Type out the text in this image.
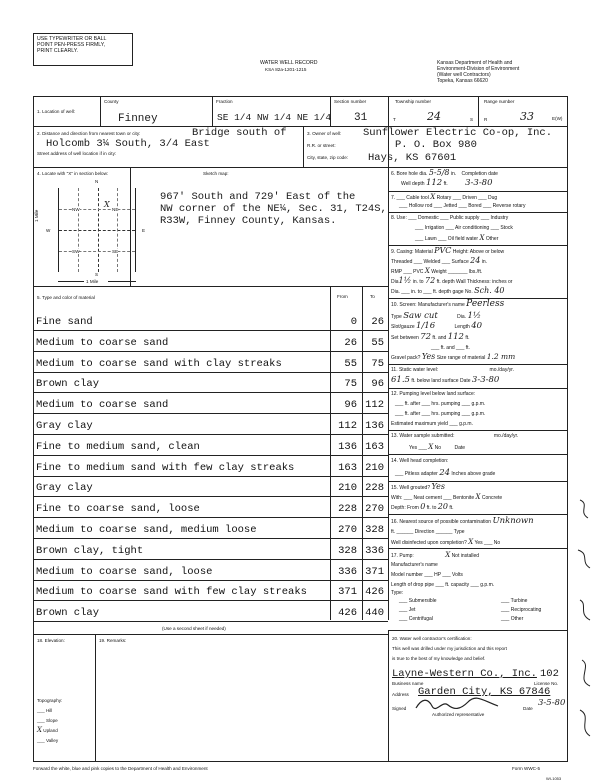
USE TYPEWRITER OR BALL
POINT PEN-PRESS FIRMLY,
PRINT CLEARLY.
WATER WELL RECORD
KSA 82a-1201-1215
Kansas Department of Health and
Environment-Division of Environment
(Water well Contractors)
Topeka, Kansas 66620
1. Location of well:
County
Finney
Fraction
SE 1/4 NW 1/4 NE 1/4
Section number
31
Township number
T	24	S
Range number
R	33	E(W)
2. Distance and direction from nearest town or city:	Bridge south of
Holcomb 3¼ South, 3/4 East
Street address of well location if in city:
3. Owner of well: Sunflower Electric Co-op, Inc.
R.R. or street:	P. O. Box 980
City, state, zip code: Hays, KS 67601
4. Locate with "X" in section below:	Sketch map:
N
S
W	E
NW	NE
SW	SE
X
1 Mile
1 Mile
967' South and 729' East of the
NW corner of the NE¼, Sec. 31, T24S,
R33W, Finney County, Kansas.
5. Type and color of material	From	To
Fine sand	0	26
Medium to coarse sand	26	55
Medium to coarse sand with clay streaks	55	75
Brown clay	75	96
Medium to coarse sand	96 112
Gray clay	112 136
Fine to medium sand, clean	136 163
Fine to medium sand with few clay streaks	163 210
Gray clay	210 228
Fine to coarse sand, loose	228 270
Medium to coarse sand, medium loose	270 328
Brown clay, tight	328 336
Medium to coarse sand, loose	336 371
Medium to coarse sand with few clay streaks	371 426
Brown clay	426 440
(Use a second sheet if needed)
6. Bore hole dia. 5-5/8 in. Completion date
Well depth 112 ft. 3-3-80
7. ___ Cable tool X Rotary ___ Driven ___ Dug
___ Hollow rod ___ Jetted ___ Bored ___ Reverse rotary
8. Use: ___ Domestic ___ Public supply ___ Industry
___ Irrigation ___ Air conditioning ___ Stock
___ Lawn ___ Oil field water X Other
9. Casing: Material PVC Height: Above or below
Threaded ___ Welded ___ Surface 24 in.
RMP ___ PVC X Weight _______ lbs./ft.
Dia1½ in. to 72 ft. depth Wall Thickness: inches or
Dia. ___ in. to ___ ft. depth gage No. Sch. 40
10. Screen: Manufacturer's name Peerless
Type Saw cut	Dia. 1½
Slot/gauze 1/16	Length 40
Set between 72 ft. and 112 ft.
___ ft. and ___ ft.
Gravel pack? Yes Size range of material 1.2 mm
11. Static water level:	mo./day/yr.
61.5 ft. below land surface Date 3-3-80
12. Pumping level below land surface:
___ ft. after ___ hrs. pumping ___ g.p.m.
___ ft. after ___ hrs. pumping ___ g.p.m.
Estimated maximum yield ___ g.p.m.
13. Water sample submitted:	mo./day/yr.
Yes ___ X No	Date
14. Well head completion:
___ Pitless adapter 24 Inches above grade
15. Well grouted? Yes
With: ___ Neat cement ___ Bentonite X Concrete
Depth: From 0 ft. to 20 ft.
16. Nearest source of possible contamination Unknown
ft. ______ Direction ______ Type
Well disinfected upon completion? X Yes ___ No
17. Pump:	X Not installed
Manufacturer's name
Model number ___ HP ___ Volts
Length of drop pipe ___ ft. capacity ___ g.p.m.
Type:
___ Submersible	___ Turbine
___ Jet	___ Reciprocating
___ Centrifugal	___ Other
18. Elevation:	19. Remarks:
Topography:
___ Hill
___ Slope
X Upland
___ Valley
20. Water well contractor's certification:
This well was drilled under my jurisdiction and this report
is true to the best of my knowledge and belief.
Layne-Western Co., Inc. 102
Business name	License No.
Address Garden City, KS 67846
Signed	Date
3-5-80
Authorized representative
Forward the white, blue and pink copies to the Department of Health and Environment	Form WWC-5
WI-1053
